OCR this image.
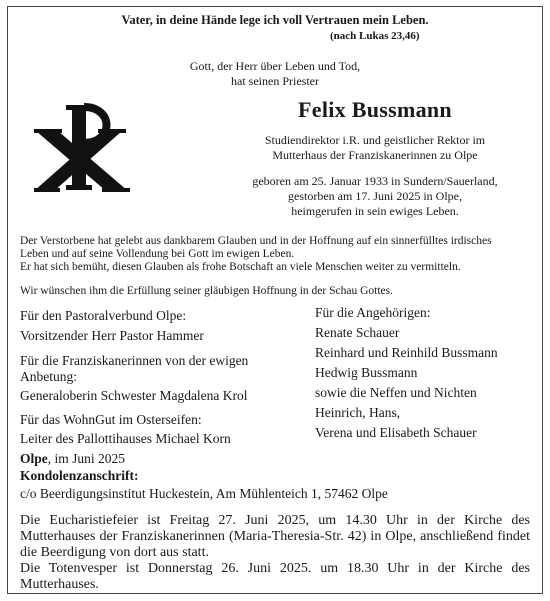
Vater, in deine Hände lege ich voll Vertrauen mein Leben.
(nach Lukas 23,46)
Gott, der Herr über Leben und Tod,
hat seinen Priester
Felix Bussmann
Studiendirektor i.R. und geistlicher Rektor im
Mutterhaus der Franziskanerinnen zu Olpe
geboren am 25. Januar 1933 in Sundern/Sauerland,
gestorben am 17. Juni 2025 in Olpe,
heimgerufen in sein ewiges Leben.
Der Verstorbene hat gelebt aus dankbarem Glauben und in der Hoffnung auf ein sinnerfülltes irdisches
Leben und auf seine Vollendung bei Gott im ewigen Leben.
Er hat sich bemüht, diesen Glauben als frohe Botschaft an viele Menschen weiter zu vermitteln.
Wir wünschen ihm die Erfüllung seiner gläubigen Hoffnung in der Schau Gottes.
Für den Pastoralverbund Olpe:
Vorsitzender Herr Pastor Hammer
Für die Franziskanerinnen von der ewigen
Anbetung:
Generaloberin Schwester Magdalena Krol
Für das WohnGut im Osterseifen:
Leiter des Pallottihauses Michael Korn
Für die Angehörigen:
Renate Schauer
Reinhard und Reinhild Bussmann
Hedwig Bussmann
sowie die Neffen und Nichten
Heinrich, Hans,
Verena und Elisabeth Schauer
Olpe, im Juni 2025
Kondolenzanschrift:
c/o Beerdigungsinstitut Huckestein, Am Mühlenteich 1, 57462 Olpe
Die Eucharistiefeier ist Freitag 27. Juni 2025, um 14.30 Uhr in der Kirche des Mutterhauses der Franziskanerinnen (Maria-Theresia-Str. 42) in Olpe, anschließend findet die Beerdigung von dort aus statt.
Die Totenvesper ist Donnerstag 26. Juni 2025. um 18.30 Uhr in der Kirche des Mutterhauses.
